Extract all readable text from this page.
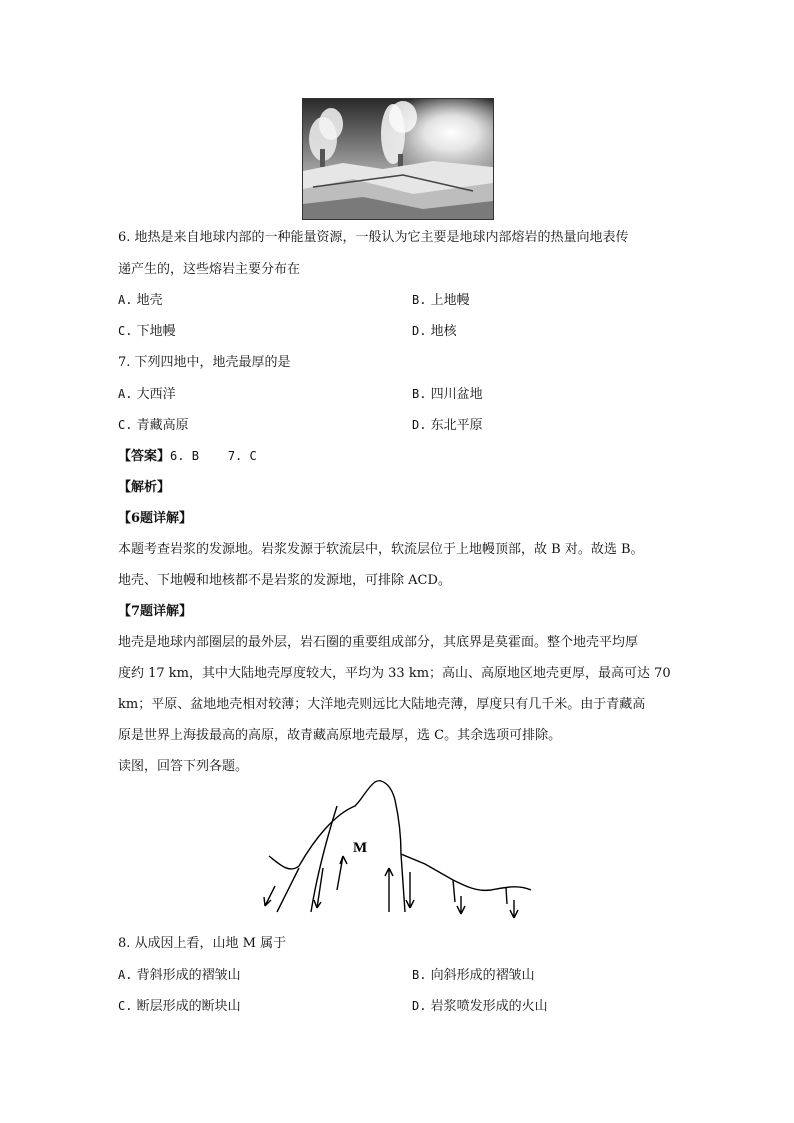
6. 地热是来自地球内部的一种能量资源，一般认为它主要是地球内部熔岩的热量向地表传
递产生的，这些熔岩主要分布在
A. 地壳	B. 上地幔
C. 下地幔	D. 地核
7. 下列四地中，地壳最厚的是
A. 大西洋	B. 四川盆地
C. 青藏高原	D. 东北平原
【答案】6. B    7. C
【解析】
【6题详解】
本题考查岩浆的发源地。岩浆发源于软流层中，软流层位于上地幔顶部，故 B 对。故选 B。
地壳、下地幔和地核都不是岩浆的发源地，可排除 ACD。
【7题详解】
地壳是地球内部圈层的最外层，岩石圈的重要组成部分，其底界是莫霍面。整个地壳平均厚
度约 17 km，其中大陆地壳厚度较大，平均为 33 km；高山、高原地区地壳更厚，最高可达 70
km；平原、盆地地壳相对较薄；大洋地壳则远比大陆地壳薄，厚度只有几千米。由于青藏高
原是世界上海拔最高的高原，故青藏高原地壳最厚，选 C。其余选项可排除。
读图，回答下列各题。
M
8. 从成因上看，山地 M 属于
A. 背斜形成的褶皱山	B. 向斜形成的褶皱山
C. 断层形成的断块山	D. 岩浆喷发形成的火山
